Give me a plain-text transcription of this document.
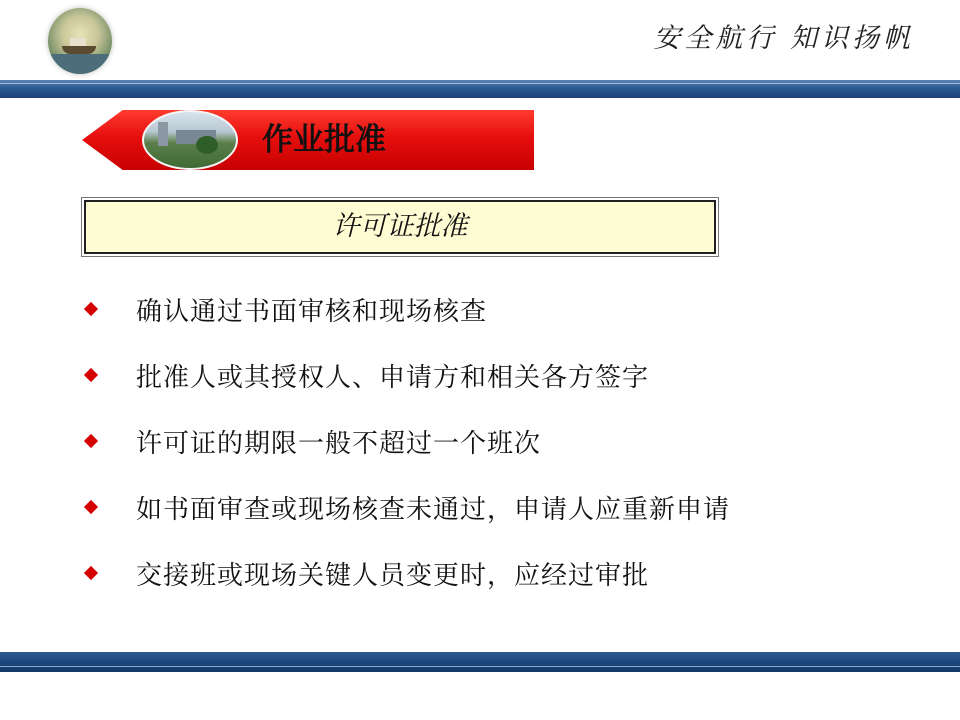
安全航行 知识扬帆
作业批准
许可证批准
确认通过书面审核和现场核查
批准人或其授权人、申请方和相关各方签字
许可证的期限一般不超过一个班次
如书面审查或现场核查未通过，申请人应重新申请
交接班或现场关键人员变更时，应经过审批
